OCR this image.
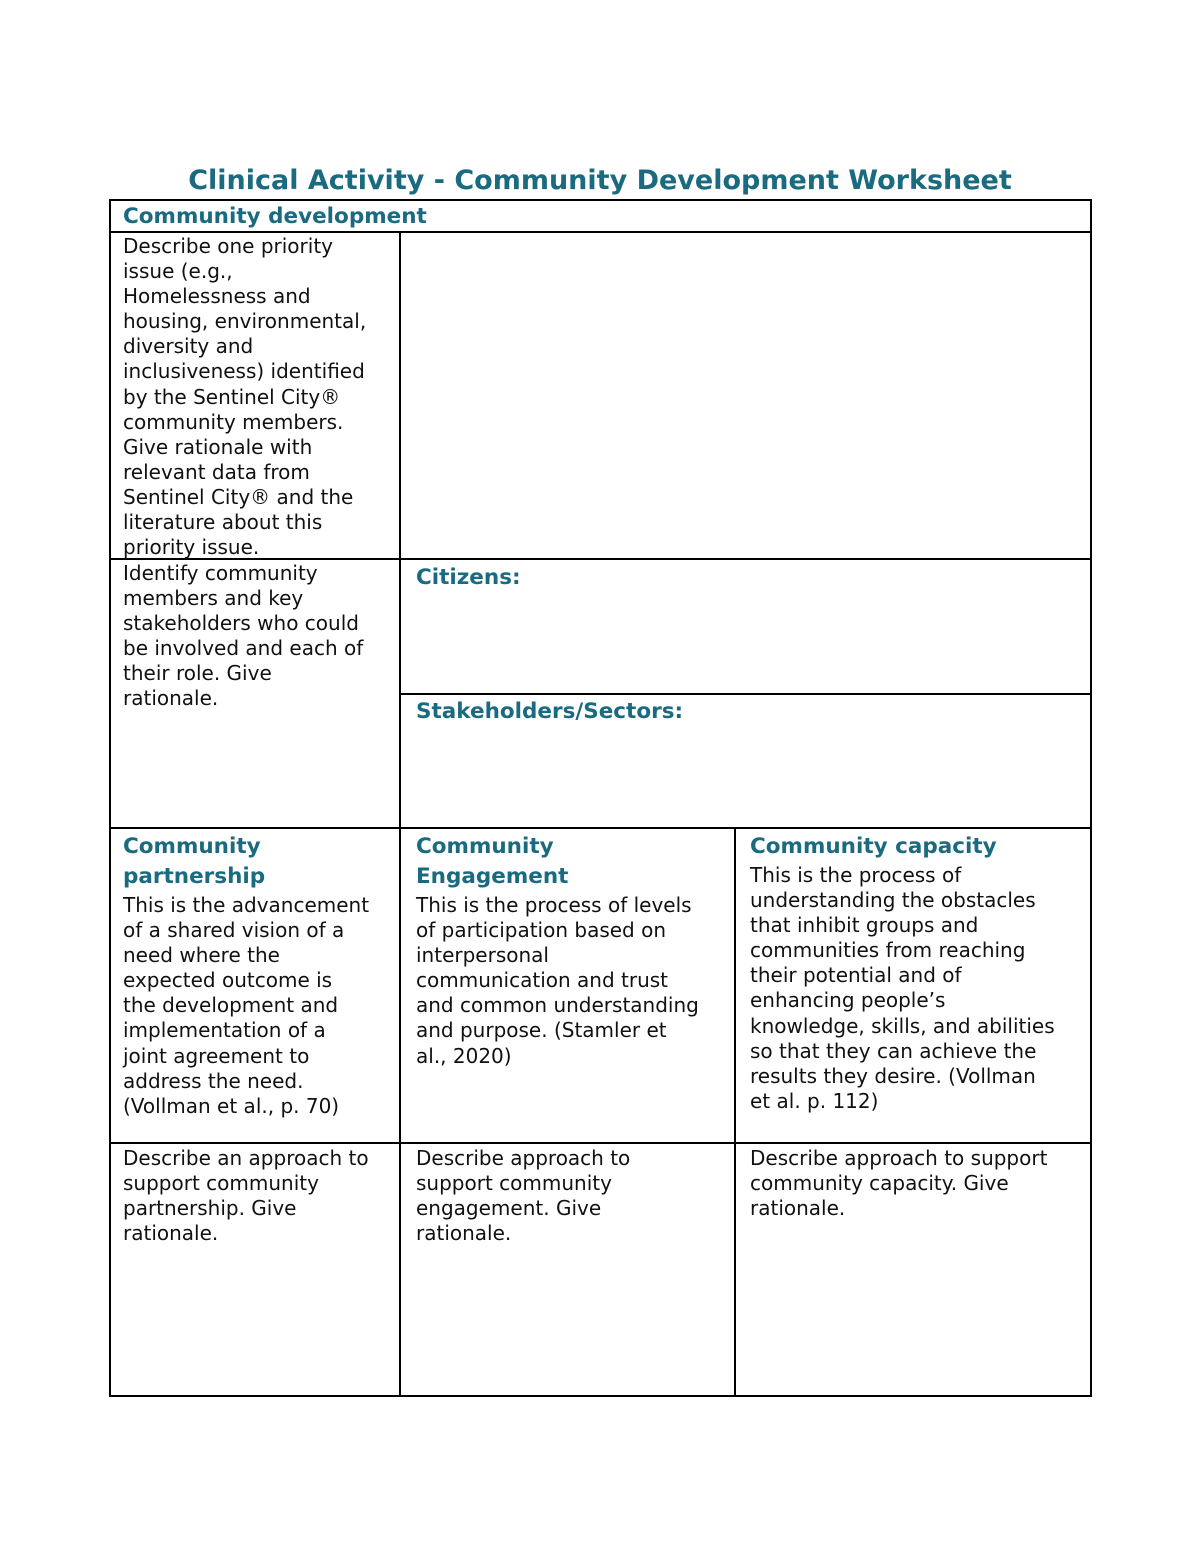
Clinical Activity - Community Development Worksheet

Community development

Describe one priority
issue (e.g.,
Homelessness and
housing, environmental,
diversity and
inclusiveness) identified
by the Sentinel City®
community members.
Give rationale with
relevant data from
Sentinel City® and the
literature about this
priority issue.
Identify community
members and key
stakeholders who could
be involved and each of
their role. Give
rationale.

Citizens:

Stakeholders/Sectors:

Community
partnership
This is the advancement
of a shared vision of a
need where the
expected outcome is
the development and
implementation of a
joint agreement to
address the need.
(Vollman et al., p. 70)
Community
Engagement
This is the process of levels
of participation based on
interpersonal
communication and trust
and common understanding
and purpose. (Stamler et
al., 2020)
Community capacity
This is the process of
understanding the obstacles
that inhibit groups and
communities from reaching
their potential and of
enhancing people’s
knowledge, skills, and abilities
so that they can achieve the
results they desire. (Vollman
et al. p. 112)
Describe an approach to
support community
partnership. Give
rationale.
Describe approach to
support community
engagement. Give
rationale.
Describe approach to support
community capacity. Give
rationale.
